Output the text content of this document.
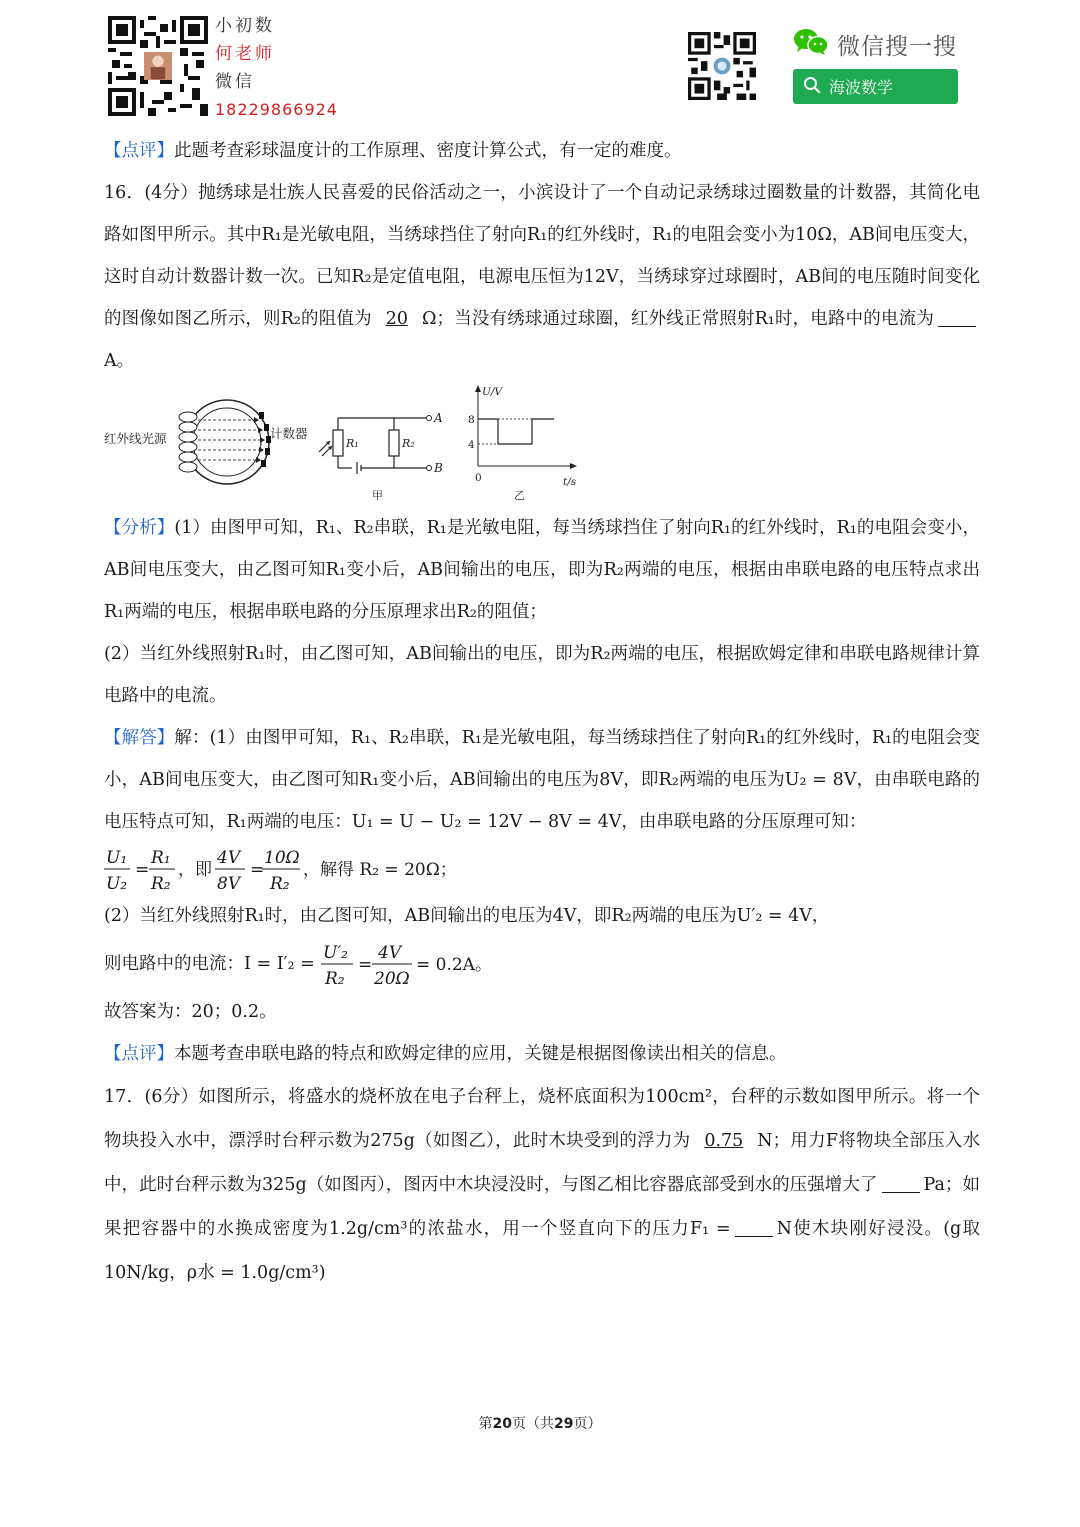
小初数
何老师
微信
18229866924
微信搜一搜
海波数学

【点评】此题考查彩球温度计的工作原理、密度计算公式，有一定的难度。

16．(4分）抛绣球是壮族人民喜爱的民俗活动之一，小滨设计了一个自动记录绣球过圈数量的计数器，其简化电路如图甲所示。其中R₁是光敏电阻，当绣球挡住了射向R₁的红外线时，R₁的电阻会变小为10Ω，AB间电压变大，这时自动计数器计数一次。已知R₂是定值电阻，电源电压恒为12V，当绣球穿过球圈时，AB间的电压随时间变化的图像如图乙所示，则R₂的阻值为 20 Ω；当没有绣球通过球圈，红外线正常照射R₁时，电路中的电流为A。

红外线光源	计数器
R₁	R₂
A
B
甲
U/V
t/s
8
4
0
乙

【分析】(1）由图甲可知，R₁、R₂串联，R₁是光敏电阻，每当绣球挡住了射向R₁的红外线时，R₁的电阻会变小，AB间电压变大，由乙图可知R₁变小后，AB间输出的电压，即为R₂两端的电压，根据由串联电路的电压特点求出R₁两端的电压，根据串联电路的分压原理求出R₂的阻值；

(2）当红外线照射R₁时，由乙图可知，AB间输出的电压，即为R₂两端的电压，根据欧姆定律和串联电路规律计算电路中的电流。

【解答】解：(1）由图甲可知，R₁、R₂串联，R₁是光敏电阻，每当绣球挡住了射向R₁的红外线时，R₁的电阻会变小，AB间电压变大，由乙图可知R₁变小后，AB间输出的电压为8V，即R₂两端的电压为U₂ = 8V，由串联电路的电压特点可知，R₁两端的电压：U₁ = U − U₂ = 12V − 8V = 4V，由串联电路的分压原理可知：

U₁
U₂
=
R₁
R₂
，即
4V
8V
=
10Ω
R₂
，解得 R₂ = 20Ω；

(2）当红外线照射R₁时，由乙图可知，AB间输出的电压为4V，即R₂两端的电压为U′₂ = 4V，

则电路中的电流：I = I′₂ =
U′₂
R₂
=
4V
20Ω
= 0.2A。

故答案为：20；0.2。

【点评】本题考查串联电路的特点和欧姆定律的应用，关键是根据图像读出相关的信息。

17．(6分）如图所示，将盛水的烧杯放在电子台秤上，烧杯底面积为100cm²，台秤的示数如图甲所示。将一个物块投入水中，漂浮时台秤示数为275g（如图乙），此时木块受到的浮力为 0.75 N；用力F将物块全部压入水中，此时台秤示数为325g（如图丙），图丙中木块浸没时，与图乙相比容器底部受到水的压强增大了	Pa；如果把容器中的水换成密度为1.2g/cm³的浓盐水，用一个竖直向下的压力F₁ =	N使木块刚好浸没。(g取10N/kg，ρ水 = 1.0g/cm³)

第20页（共29页）
